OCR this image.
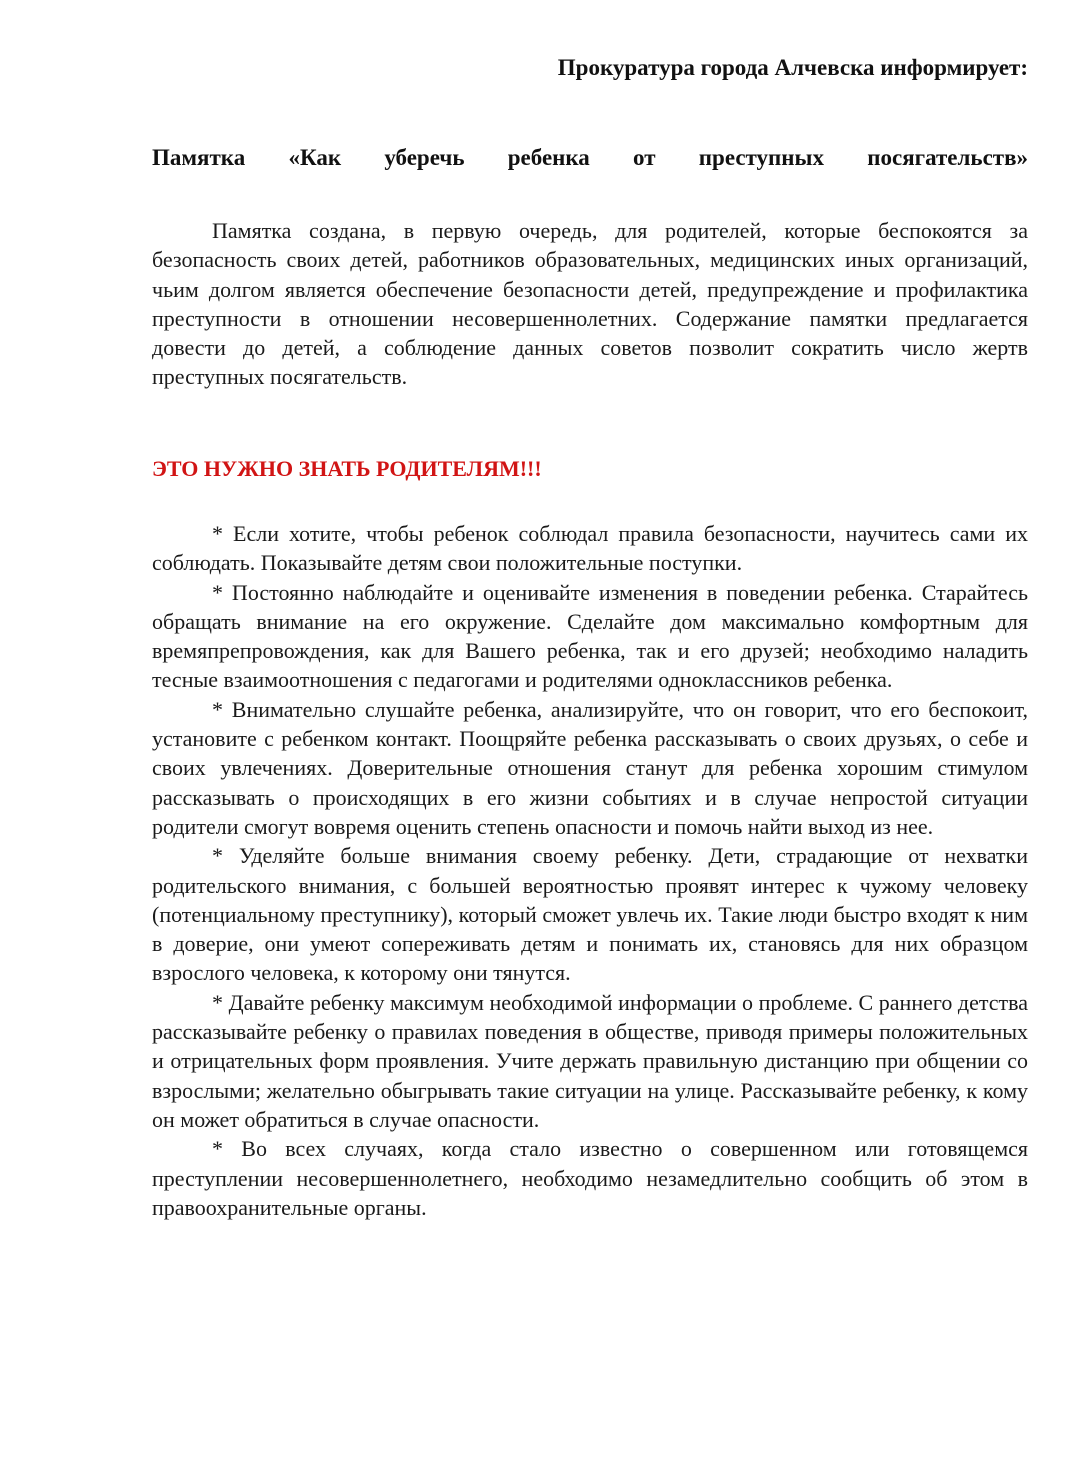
Прокуратура города Алчевска информирует:
Памятка «Как уберечь ребенка от преступных посягательств»

Памятка создана, в первую очередь, для родителей, которые беспокоятся за безопасность своих детей, работников образовательных, медицинских иных организаций, чьим долгом является обеспечение безопасности детей, предупреждение и профилактика преступности в отношении несовершеннолетних. Содержание памятки предлагается довести до детей, а соблюдение данных советов позволит сократить число жертв преступных посягательств.

ЭТО НУЖНО ЗНАТЬ РОДИТЕЛЯМ!!!

* Если хотите, чтобы ребенок соблюдал правила безопасности, научитесь сами их соблюдать. Показывайте детям свои положительные поступки.

* Постоянно наблюдайте и оценивайте изменения в поведении ребенка. Старайтесь обращать внимание на его окружение. Сделайте дом максимально комфортным для времяпрепровождения, как для Вашего ребенка, так и его друзей; необходимо наладить тесные взаимоотношения с педагогами и родителями одноклассников ребенка.

* Внимательно слушайте ребенка, анализируйте, что он говорит, что его беспокоит, установите с ребенком контакт. Поощряйте ребенка рассказывать о своих друзьях, о себе и своих увлечениях. Доверительные отношения станут для ребенка хорошим стимулом рассказывать о происходящих в его жизни событиях и в случае непростой ситуации родители смогут вовремя оценить степень опасности и помочь найти выход из нее.

* Уделяйте больше внимания своему ребенку. Дети, страдающие от нехватки родительского внимания, с большей вероятностью проявят интерес к чужому человеку (потенциальному преступнику), который сможет увлечь их. Такие люди быстро входят к ним в доверие, они умеют сопереживать детям и понимать их, становясь для них образцом взрослого человека, к которому они тянутся.

* Давайте ребенку максимум необходимой информации о проблеме. С раннего детства рассказывайте ребенку о правилах поведения в обществе, приводя примеры положительных и отрицательных форм проявления. Учите держать правильную дистанцию при общении со взрослыми; желательно обыгрывать такие ситуации на улице. Рассказывайте ребенку, к кому он может обратиться в случае опасности.

* Во всех случаях, когда стало известно о совершенном или готовящемся преступлении несовершеннолетнего, необходимо незамедлительно сообщить об этом в правоохранительные органы.
